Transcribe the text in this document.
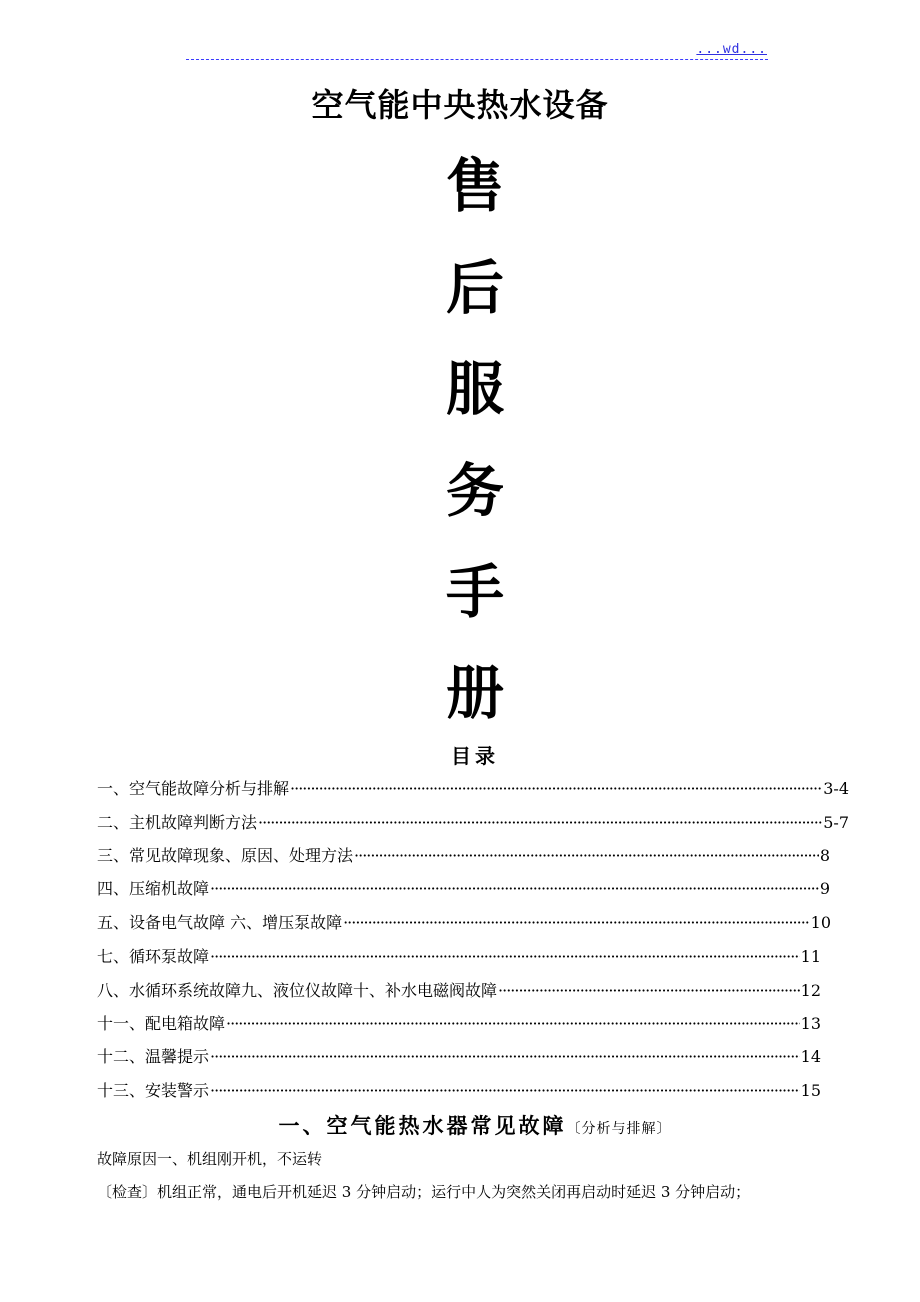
...wd...
空气能中央热水设备
售
后
服
务
手
册
目录
一、空气能故障分析与排解 ·····	3-4
二、主机故障判断方法 ·····	5-7
三、常见故障现象、原因、处理方法 ·····	8
四、压缩机故障 ·····	9
五、设备电气故障 六、增压泵故障 ·····	10
七、循环泵故障 ·····	11
八、水循环系统故障九、液位仪故障十、补水电磁阀故障 ·····	12
十一、配电箱故障 ·····	13
十二、温馨提示 ·····	14
十三、安装警示 ·····	15
一、空气能热水器常见故障〔分析与排解〕
故障原因一、机组刚开机，不运转
〔检查〕机组正常，通电后开机延迟 3 分钟启动；运行中人为突然关闭再启动时延迟 3 分钟启动；
